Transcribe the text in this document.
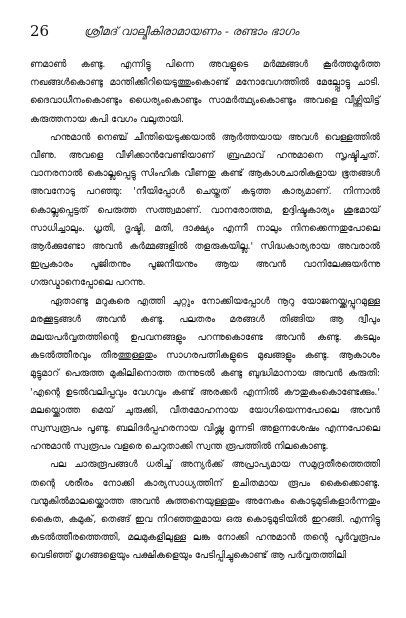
26	ശ്രീമദ് വാല്മീകിരാമായണം - രണ്ടാം ഭാഗം

ണമാൺ കണ്ടു. എന്നിട്ടു പിന്നെ അവളുടെ മർമ്മങ്ങൾ കൂർത്തമൂർത്ത നഖങ്ങൾകൊണ്ടു മാന്തിക്കീറിയെടുത്തുംകൊണ്ട് മനോവേഗത്തിൽ മേല്പ്പോട്ടു ചാടി. ദൈവാധീനംകൊണ്ടും ധൈര്യംകൊണ്ടും സാമർത്ഥ്യംകൊണ്ടും അവളെ വീഴ്ത്തിയിട്ട് കരുത്തനായ കപി വേഗം വലുതായി.

ഹനുമാൻ നെഞ്ച് ചീന്തിയെടുക്കയാൽ ആർത്തയായ അവൾ വെള്ളത്തിൽ വീണു. അവളെ വീഴിക്കാൻവേണ്ടിയാണ് ബ്രഹ്മാവ് ഹനുമാനെ സൃഷ്ടിച്ചത്. വാനരനാൽ കൊല്ലപ്പെട്ടു സിംഹിക വീണതു കണ്ട് ആകാശചാരികളായ ഭൂതങ്ങൾ അവനോടു പറഞ്ഞു: 'നീയിപ്പോൾ ചെയ്തത് കടുത്ത കാര്യമാണ്. നിന്നാൽ കൊല്ലപ്പെട്ടത് പെരുത്ത സത്ത്വമാണ്. വാനരോത്തമ, ഉദ്ദിഷ്ടകാര്യം ശുഭമായ് സാധിച്ചാലും. ധൃതി, ദൃഷ്ടി, മതി, ദാക്ഷ്യം എന്നീ നാലും നിനക്കെന്നതുപോലെ ആർക്കുണ്ടോ അവൻ കർമ്മങ്ങളിൽ തളരുകയില്ല.' സിദ്ധകാര്യരായ അവരാൽ ഇപ്രകാരം പൂജിതനും പൂജനീയനും ആയ അവൻ വാനിലേക്കുയർന്നു ഗരുഡ്മാനെപ്പോലെ പറന്നു.

ഏതാണ്ടു മറുകരെ എത്തി ചുറ്റും നോക്കിയപ്പോൾ നൂറു യോജനയ്ക്കപ്പുറമുള്ള മരക്കൂട്ടങ്ങൾ അവൻ കണ്ടു. പലതരം മരങ്ങൾ തിങ്ങിയ ആ ദ്വീപും മലയപർവ്വതത്തിന്റെ ഉപവനങ്ങളും പറന്നുകൊണ്ടേ അവൻ കണ്ടു. കടലും കടൽത്തീരവും തീരത്തുള്ളതും സാഗരപത്നികളുടെ മുഖങ്ങളും കണ്ടു. ആകാശം മുട്ടുമാറ് പെരുത്ത മുകിലിനൊത്ത തന്നുടൽ കണ്ടു ബുദ്ധിമാനായ അവൻ കരുതി: 'എന്റെ ഉടൽവലിപ്പവും വേഗവും കണ്ട് അരക്കർ എന്നിൽ കൗതുകംകൊണ്ടേക്കും.' മലയ്ക്കൊത്ത മെയ് ചുരുക്കി, വീതമോഹനായ യോഗിയെന്നപോലെ അവൻ സ്വസ്വരൂപം പൂണ്ടു. ബലിദർപ്പഹരനായ വിഷ്ണു മൂന്നടി അളന്നശേഷം എന്നപോലെ ഹനുമാൻ സ്വരൂപം വളരെ ചെറുതാക്കി സ്വന്ത രൂപത്തിൽ നിലകൊണ്ടു.

പല ചാരുരൂപങ്ങൾ ധരിച്ച് അന്യർക്ക് അപ്രാപ്യമായ സമുദ്രതീരത്തെത്തി തന്റെ ശരീരം നോക്കി കാര്യസാധ്യത്തിന് ഉചിതമായ രൂപം കൈക്കൊണ്ടു. വന്മുകിൽമാലയ്ക്കൊത്ത അവൻ കുത്തനെയുള്ളതും അനേകം കൊടുമുടികളാർന്നതും കൈത, കമുക്, തെങ്ങ് ഇവ നിറഞ്ഞതുമായ ഒരു കൊടുമുടിയിൽ ഇറങ്ങി. എന്നിട്ടു കടൽത്തീരത്തെത്തി, മലമുകളിലുള്ള ലങ്ക നോക്കി ഹനുമാൻ തന്റെ പൂർവ്വരൂപം വെടിഞ്ഞ് മൃഗങ്ങളെയും പക്ഷികളെയും പേടിപ്പിച്ചുകൊണ്ട് ആ പർവ്വതത്തിലി
